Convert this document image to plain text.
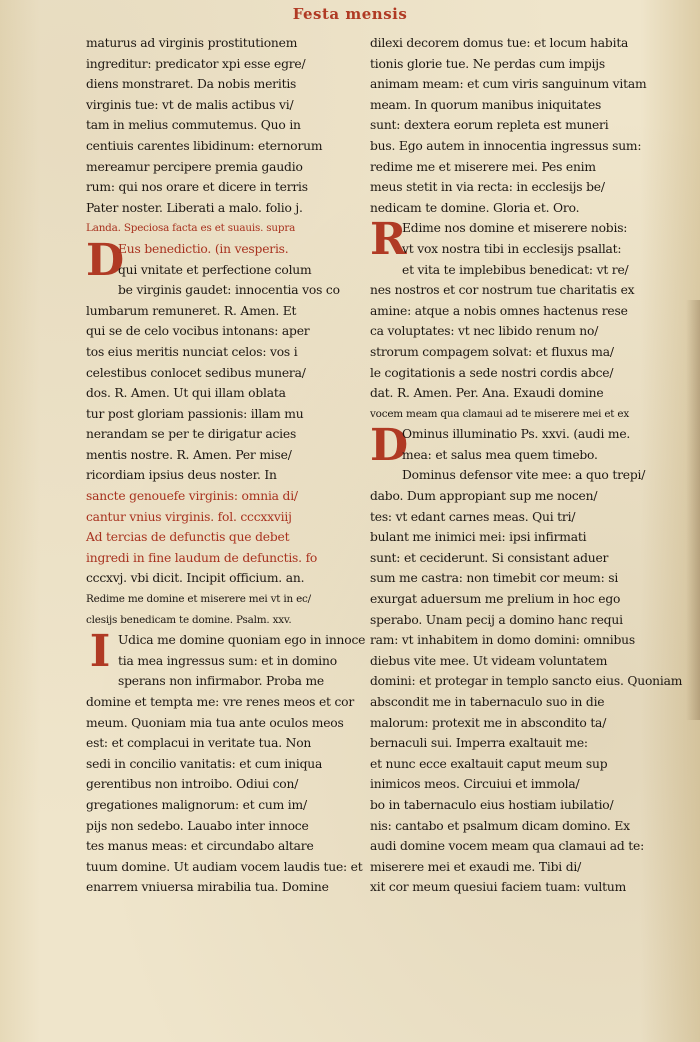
Festa mensis
maturus ad virginis prostitutionem
ingreditur: predicator xpi esse egre/
diens monstraret. Da nobis meritis
virginis tue: vt de malis actibus vi/
tam in melius commutemus. Quo in
centiuis carentes libidinum: eternorum
mereamur percipere premia gaudio
rum: qui nos orare et dicere in terris
Pater noster. Liberati a malo. folio j.
Landa. Speciosa facta es et suauis. supra
D
Eus benedictio. (in vesperis.
qui vnitate et perfectione colum
be virginis gaudet: innocentia vos co
lumbarum remuneret. R. Amen. Et
qui se de celo vocibus intonans: aper
tos eius meritis nunciat celos: vos i
celestibus conlocet sedibus munera/
dos. R. Amen. Ut qui illam oblata
tur post gloriam passionis: illam mu
nerandam se per te dirigatur acies
mentis nostre. R. Amen. Per mise/
ricordiam ipsius deus noster. In
sancte genouefe virginis: omnia di/
cantur vnius virginis. fol. cccxxviij
Ad tercias de defunctis que debet
ingredi in fine laudum de defunctis. fo
cccxvj. vbi dicit. Incipit officium. an.
Redime me domine et miserere mei vt in ec/
clesijs benedicam te domine. Psalm. xxv.
I Udica me domine quoniam ego in innoce
tia mea ingressus sum: et in domino
sperans non infirmabor. Proba me
domine et tempta me: vre renes meos et cor
meum. Quoniam mia tua ante oculos meos
est: et complacui in veritate tua. Non
sedi in concilio vanitatis: et cum iniqua
gerentibus non introibo. Odiui con/
gregationes malignorum: et cum im/
pijs non sedebo. Lauabo inter innoce
tes manus meas: et circundabo altare
tuum domine. Ut audiam vocem laudis tue: et
enarrem vniuersa mirabilia tua. Domine
dilexi decorem domus tue: et locum habita
tionis glorie tue. Ne perdas cum impijs
animam meam: et cum viris sanguinum vitam
meam. In quorum manibus iniquitates
sunt: dextera eorum repleta est muneri
bus. Ego autem in innocentia ingressus sum:
redime me et miserere mei. Pes enim
meus stetit in via recta: in ecclesijs be/
nedicam te domine. Gloria et. Oro.
R
Edime nos domine et miserere nobis:
vt vox nostra tibi in ecclesijs psallat:
et vita te implebibus benedicat: vt re/
nes nostros et cor nostrum tue charitatis ex
amine: atque a nobis omnes hactenus rese
ca voluptates: vt nec libido renum no/
strorum compagem solvat: et fluxus ma/
le cogitationis a sede nostri cordis abce/
dat. R. Amen. Per. Ana. Exaudi domine
vocem meam qua clamaui ad te miserere mei et ex
D
Ominus illuminatio Ps. xxvi. (audi me.
mea: et salus mea quem timebo.
Dominus defensor vite mee: a quo trepi/
dabo. Dum appropiant sup me nocen/
tes: vt edant carnes meas. Qui tri/
bulant me inimici mei: ipsi infirmati
sunt: et ceciderunt. Si consistant aduer
sum me castra: non timebit cor meum: si
exurgat aduersum me prelium in hoc ego
sperabo. Unam pecij a domino hanc requi
ram: vt inhabitem in domo domini: omnibus
diebus vite mee. Ut videam voluntatem
domini: et protegar in templo sancto eius. Quoniam
abscondit me in tabernaculo suo in die
malorum: protexit me in abscondito ta/
bernaculi sui. Imperra exaltauit me:
et nunc ecce exaltauit caput meum sup
inimicos meos. Circuiui et immola/
bo in tabernaculo eius hostiam iubilatio/
nis: cantabo et psalmum dicam domino. Ex
audi domine vocem meam qua clamaui ad te:
miserere mei et exaudi me. Tibi di/
xit cor meum quesiui faciem tuam: vultum
